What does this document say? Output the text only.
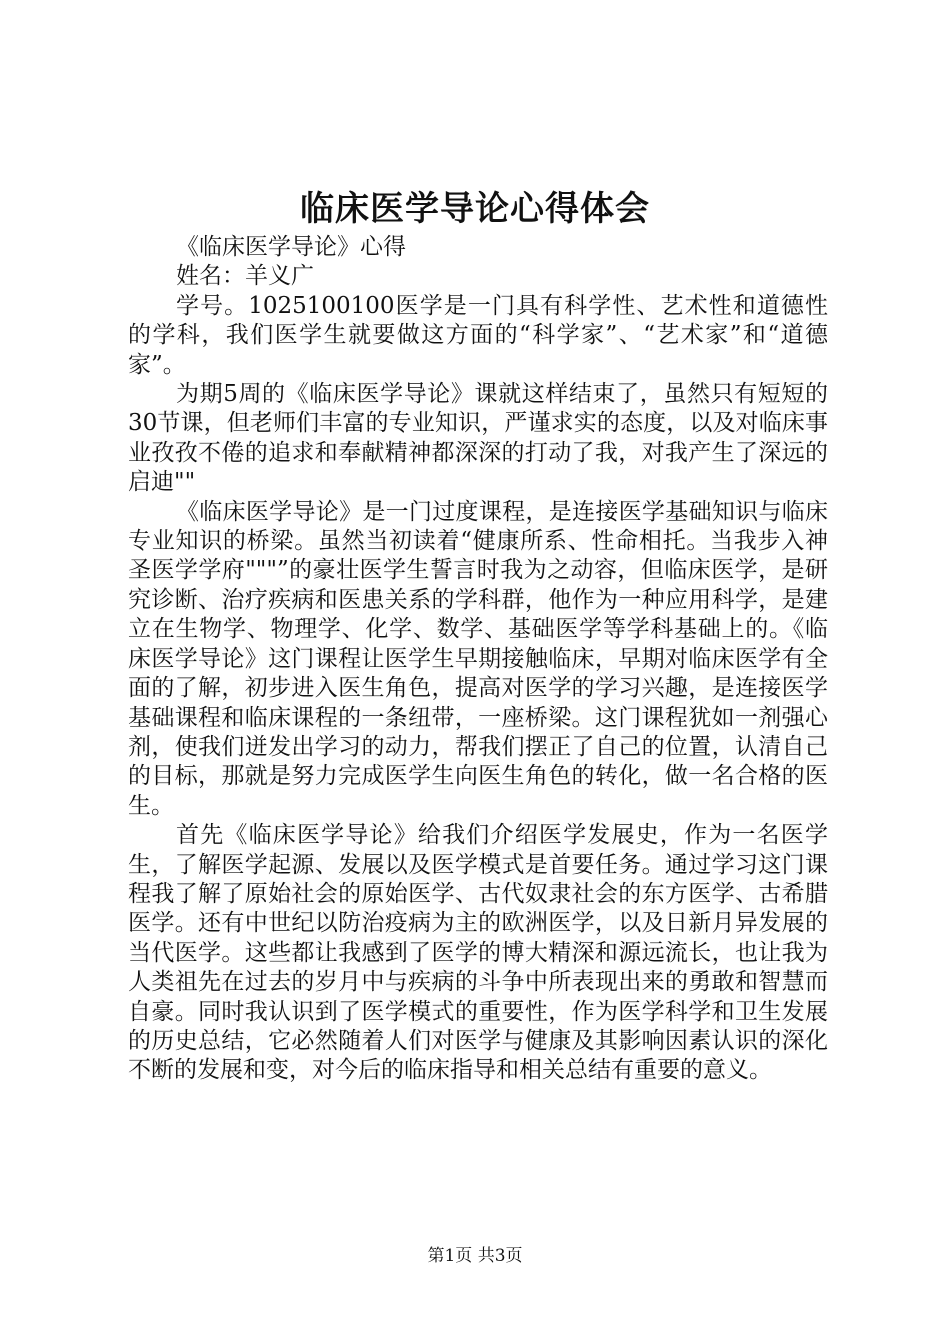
临床医学导论心得体会

《临床医学导论》心得

姓名：羊义广

学号。1025100100医学是一门具有科学性、艺术性和道德性的学科，我们医学生就要做这方面的“科学家”、“艺术家”和“道德家”。

为期5周的《临床医学导论》课就这样结束了，虽然只有短短的30节课，但老师们丰富的专业知识，严谨求实的态度，以及对临床事业孜孜不倦的追求和奉献精神都深深的打动了我，对我产生了深远的启迪""

《临床医学导论》是一门过度课程，是连接医学基础知识与临床专业知识的桥梁。虽然当初读着“健康所系、性命相托。当我步入神圣医学学府"""”的豪壮医学生誓言时我为之动容，但临床医学，是研究诊断、治疗疾病和医患关系的学科群，他作为一种应用科学，是建立在生物学、物理学、化学、数学、基础医学等学科基础上的。《临床医学导论》这门课程让医学生早期接触临床，早期对临床医学有全面的了解，初步进入医生角色，提高对医学的学习兴趣，是连接医学基础课程和临床课程的一条纽带，一座桥梁。这门课程犹如一剂强心剂，使我们迸发出学习的动力，帮我们摆正了自己的位置，认清自己的目标，那就是努力完成医学生向医生角色的转化，做一名合格的医生。

首先《临床医学导论》给我们介绍医学发展史，作为一名医学生，了解医学起源、发展以及医学模式是首要任务。通过学习这门课程我了解了原始社会的原始医学、古代奴隶社会的东方医学、古希腊医学。还有中世纪以防治疫病为主的欧洲医学，以及日新月异发展的当代医学。这些都让我感到了医学的博大精深和源远流长，也让我为人类祖先在过去的岁月中与疾病的斗争中所表现出来的勇敢和智慧而自豪。同时我认识到了医学模式的重要性，作为医学科学和卫生发展的历史总结，它必然随着人们对医学与健康及其影响因素认识的深化不断的发展和变，对今后的临床指导和相关总结有重要的意义。

第1页 共3页
